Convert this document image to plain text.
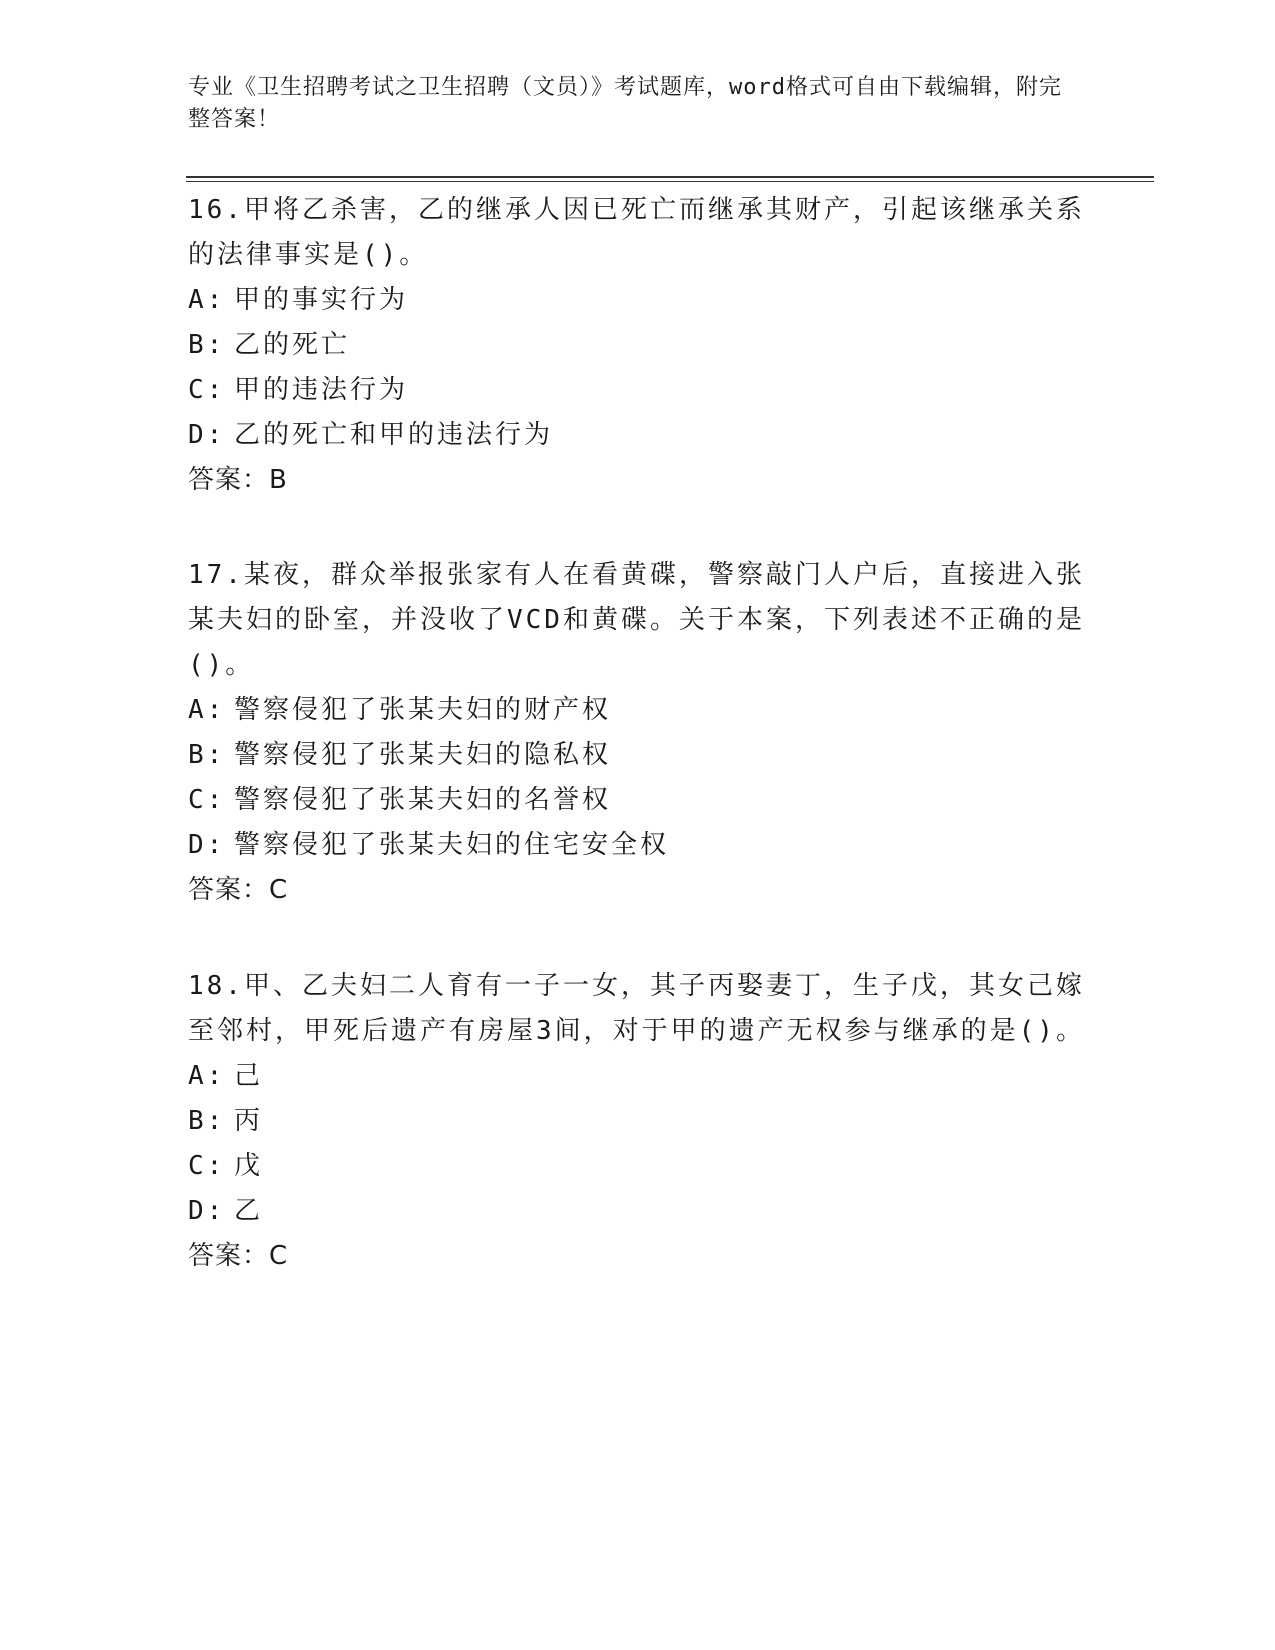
专业《卫生招聘考试之卫生招聘（文员）》考试题库，word格式可自由下载编辑，附完整答案！

16.甲将乙杀害，乙的继承人因已死亡而继承其财产，引起该继承关系的法律事实是()。

A: 甲的事实行为

B: 乙的死亡

C: 甲的违法行为

D: 乙的死亡和甲的违法行为

答案：B

17.某夜，群众举报张家有人在看黄碟，警察敲门人户后，直接进入张某夫妇的卧室，并没收了VCD和黄碟。关于本案，下列表述不正确的是()。

A: 警察侵犯了张某夫妇的财产权

B: 警察侵犯了张某夫妇的隐私权

C: 警察侵犯了张某夫妇的名誉权

D: 警察侵犯了张某夫妇的住宅安全权

答案：C

18.甲、乙夫妇二人育有一子一女，其子丙娶妻丁，生子戊，其女己嫁至邻村，甲死后遗产有房屋3间，对于甲的遗产无权参与继承的是()。

A: 己

B: 丙

C: 戊

D: 乙

答案：C
